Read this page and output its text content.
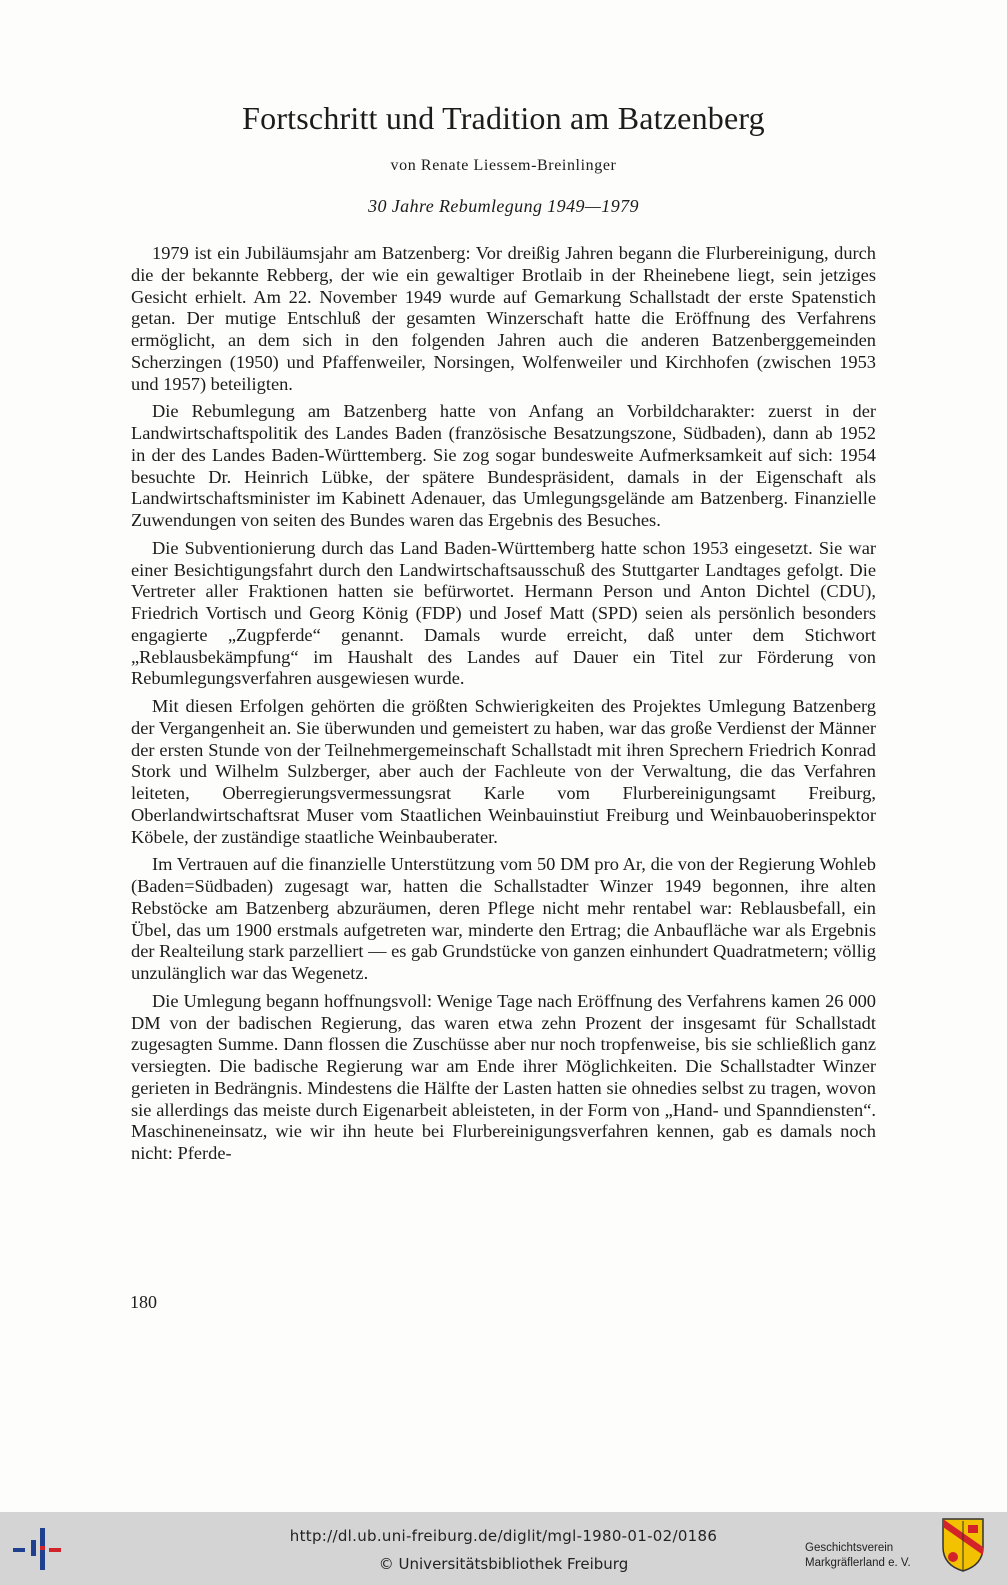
Fortschritt und Tradition am Batzenberg
von Renate Liessem-Breinlinger
30 Jahre Rebumlegung 1949—1979

1979 ist ein Jubiläumsjahr am Batzenberg: Vor dreißig Jahren begann die Flurbereinigung, durch die der bekannte Rebberg, der wie ein gewaltiger Brotlaib in der Rheinebene liegt, sein jetziges Gesicht erhielt. Am 22. November 1949 wurde auf Gemarkung Schallstadt der erste Spatenstich getan. Der mutige Entschluß der gesamten Winzerschaft hatte die Eröffnung des Verfahrens ermöglicht, an dem sich in den folgenden Jahren auch die anderen Batzenberggemeinden Scherzingen (1950) und Pfaffenweiler, Norsingen, Wolfenweiler und Kirchhofen (zwischen 1953 und 1957) beteiligten.

Die Rebumlegung am Batzenberg hatte von Anfang an Vorbildcharakter: zuerst in der Landwirtschaftspolitik des Landes Baden (französische Besatzungszone, Südbaden), dann ab 1952 in der des Landes Baden-Württemberg. Sie zog sogar bundesweite Aufmerksamkeit auf sich: 1954 besuchte Dr. Heinrich Lübke, der spätere Bundespräsident, damals in der Eigenschaft als Landwirtschaftsminister im Kabinett Adenauer, das Umlegungsgelände am Batzenberg. Finanzielle Zuwendungen von seiten des Bundes waren das Ergebnis des Besuches.

Die Subventionierung durch das Land Baden-Württemberg hatte schon 1953 eingesetzt. Sie war einer Besichtigungsfahrt durch den Landwirtschaftsausschuß des Stuttgarter Landtages gefolgt. Die Vertreter aller Fraktionen hatten sie befürwortet. Hermann Person und Anton Dichtel (CDU), Friedrich Vortisch und Georg König (FDP) und Josef Matt (SPD) seien als persönlich besonders engagierte „Zugpferde“ genannt. Damals wurde erreicht, daß unter dem Stichwort „Reblausbekämpfung“ im Haushalt des Landes auf Dauer ein Titel zur Förderung von Rebumlegungsverfahren ausgewiesen wurde.

Mit diesen Erfolgen gehörten die größten Schwierigkeiten des Projektes Umlegung Batzenberg der Vergangenheit an. Sie überwunden und gemeistert zu haben, war das große Verdienst der Männer der ersten Stunde von der Teilnehmergemeinschaft Schallstadt mit ihren Sprechern Friedrich Konrad Stork und Wilhelm Sulzberger, aber auch der Fachleute von der Verwaltung, die das Verfahren leiteten, Oberregierungsvermessungsrat Karle vom Flurbereinigungsamt Freiburg, Oberlandwirtschaftsrat Muser vom Staatlichen Weinbauinstiut Freiburg und Weinbauoberinspektor Köbele, der zuständige staatliche Weinbauberater.

Im Vertrauen auf die finanzielle Unterstützung vom 50 DM pro Ar, die von der Regierung Wohleb (Baden=Südbaden) zugesagt war, hatten die Schallstadter Winzer 1949 begonnen, ihre alten Rebstöcke am Batzenberg abzuräumen, deren Pflege nicht mehr rentabel war: Reblausbefall, ein Übel, das um 1900 erstmals aufgetreten war, minderte den Ertrag; die Anbaufläche war als Ergebnis der Realteilung stark parzelliert — es gab Grundstücke von ganzen einhundert Quadratmetern; völlig unzulänglich war das Wegenetz.

Die Umlegung begann hoffnungsvoll: Wenige Tage nach Eröffnung des Verfahrens kamen 26 000 DM von der badischen Regierung, das waren etwa zehn Prozent der insgesamt für Schallstadt zugesagten Summe. Dann flossen die Zuschüsse aber nur noch tropfenweise, bis sie schließlich ganz versiegten. Die badische Regierung war am Ende ihrer Möglichkeiten. Die Schallstadter Winzer gerieten in Bedrängnis. Mindestens die Hälfte der Lasten hatten sie ohnedies selbst zu tragen, wovon sie allerdings das meiste durch Eigenarbeit ableisteten, in der Form von „Hand- und Spanndiensten“. Maschineneinsatz, wie wir ihn heute bei Flurbereinigungsverfahren kennen, gab es damals noch nicht: Pferde-

180
http://dl.ub.uni-freiburg.de/diglit/mgl-1980-01-02/0186
© Universitätsbibliothek Freiburg
Geschichtsverein
Markgräflerland e. V.
